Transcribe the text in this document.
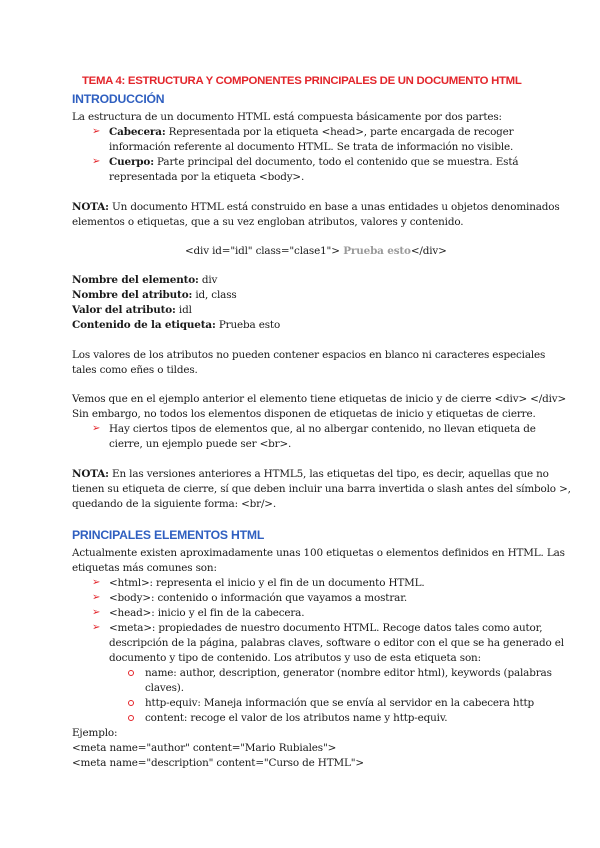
TEMA 4: ESTRUCTURA Y COMPONENTES PRINCIPALES DE UN DOCUMENTO HTML
INTRODUCCIÓN
La estructura de un documento HTML está compuesta básicamente por dos partes:
➢ Cabecera: Representada por la etiqueta <head>, parte encargada de recoger
información referente al documento HTML. Se trata de información no visible.
➢ Cuerpo: Parte principal del documento, todo el contenido que se muestra. Está
representada por la etiqueta <body>.
NOTA: Un documento HTML está construido en base a unas entidades u objetos denominados
elementos o etiquetas, que a su vez engloban atributos, valores y contenido.
<div id="idl" class="clase1"> Prueba esto</div>
Nombre del elemento: div
Nombre del atributo: id, class
Valor del atributo: idl
Contenido de la etiqueta: Prueba esto
Los valores de los atributos no pueden contener espacios en blanco ni caracteres especiales
tales como eñes o tildes.
Vemos que en el ejemplo anterior el elemento tiene etiquetas de inicio y de cierre <div> </div>
Sin embargo, no todos los elementos disponen de etiquetas de inicio y etiquetas de cierre.
➢ Hay ciertos tipos de elementos que, al no albergar contenido, no llevan etiqueta de
cierre, un ejemplo puede ser <br>.
NOTA: En las versiones anteriores a HTML5, las etiquetas del tipo, es decir, aquellas que no
tienen su etiqueta de cierre, sí que deben incluir una barra invertida o slash antes del símbolo >,
quedando de la siguiente forma: <br/>.
PRINCIPALES ELEMENTOS HTML
Actualmente existen aproximadamente unas 100 etiquetas o elementos definidos en HTML. Las
etiquetas más comunes son:
➢ <html>: representa el inicio y el fin de un documento HTML.
➢ <body>: contenido o información que vayamos a mostrar.
➢ <head>: inicio y el fin de la cabecera.
➢ <meta>: propiedades de nuestro documento HTML. Recoge datos tales como autor,
descripción de la página, palabras claves, software o editor con el que se ha generado el
documento y tipo de contenido. Los atributos y uso de esta etiqueta son:
name: author, description, generator (nombre editor html), keywords (palabras
claves).
http-equiv: Maneja información que se envía al servidor en la cabecera http
content: recoge el valor de los atributos name y http-equiv.
Ejemplo:
<meta name="author" content="Mario Rubiales">
<meta name="description" content="Curso de HTML">
